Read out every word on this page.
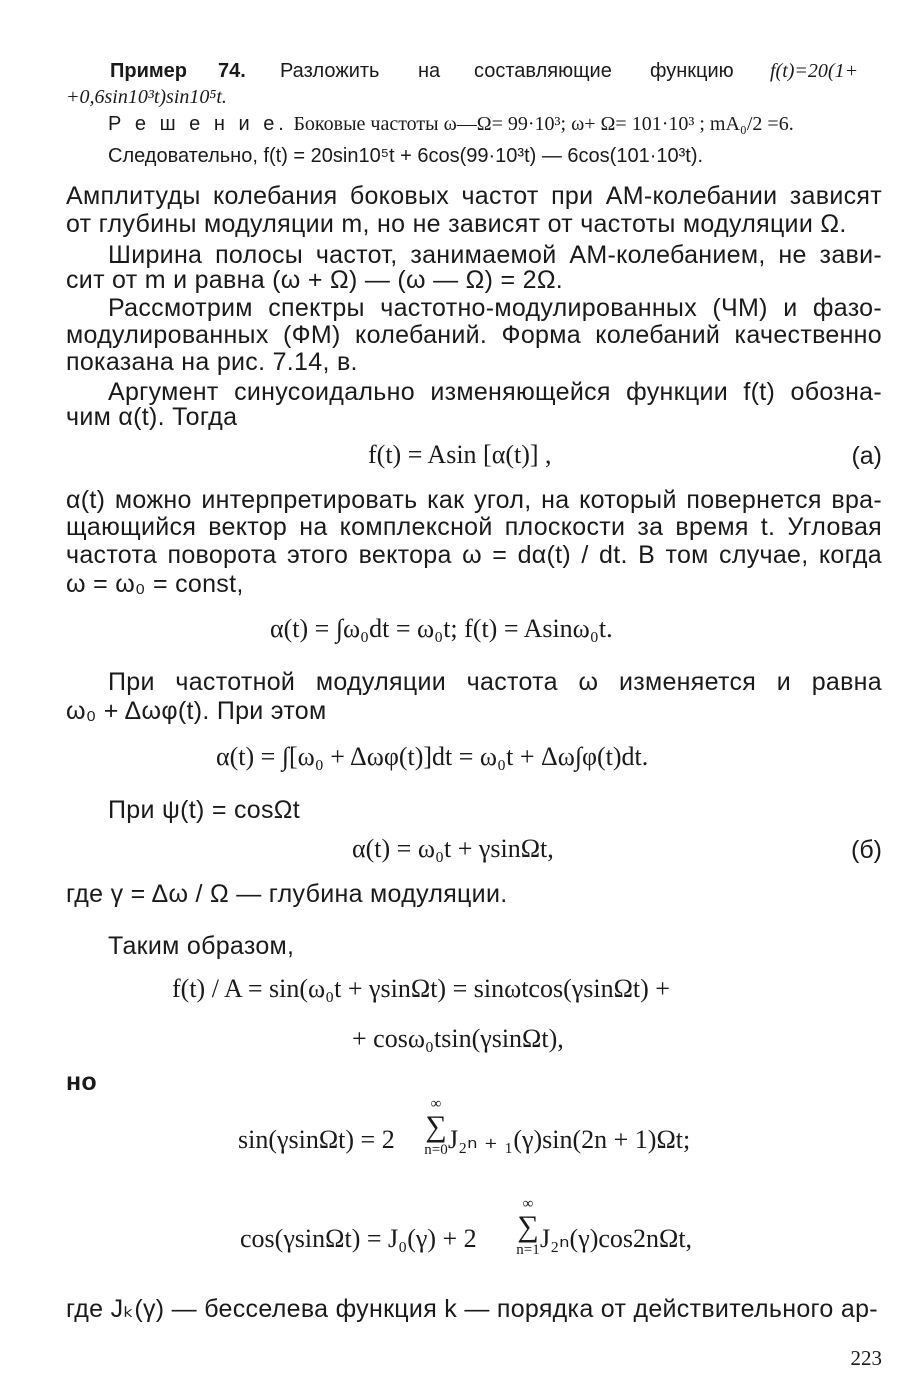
Пример 74. Разложить на составляющие функцию f(t)=20(1+
+0,6sin10³t)sin10⁵t.
Р е ш е н и е. Боковые частоты ω—Ω= 99·10³; ω+ Ω= 101·10³ ; mA₀/2 =6.
Следовательно, f(t) = 20sin10⁵t + 6cos(99·10³t) — 6cos(101·10³t).
Амплитуды колебания боковых частот при АМ-колебании зависят
от глубины модуляции m, но не зависят от частоты модуляции Ω.
Ширина полосы частот, занимаемой АМ-колебанием, не зави-
сит от m и равна (ω + Ω) — (ω — Ω) = 2Ω.
Рассмотрим спектры частотно-модулированных (ЧМ) и фазо-
модулированных (ФМ) колебаний. Форма колебаний качественно
показана на рис. 7.14, в.
Аргумент синусоидально изменяющейся функции f(t) обозна-
чим α(t). Тогда
f(t) = Asin [α(t)] ,	(а)
α(t) можно интерпретировать как угол, на который повернется вра-
щающийся вектор на комплексной плоскости за время t. Угловая
частота поворота этого вектора ω = dα(t) / dt. В том случае, когда
ω = ω₀ = const,
α(t) = ∫ω₀dt = ω₀t; f(t) = Asinω₀t.
При частотной модуляции частота ω изменяется и равна
ω₀ + Δωφ(t). При этом
α(t) = ∫[ω₀ + Δωφ(t)]dt = ω₀t + Δω∫φ(t)dt.
При ψ(t) = cosΩt
α(t) = ω₀t + γsinΩt,	(б)
где γ = Δω / Ω — глубина модуляции.
Таким образом,
f(t) / A = sin(ω₀t + γsinΩt) = sinωtcos(γsinΩt) +
+ cosω₀tsin(γsinΩt),
но
sin(γsinΩt) = 2
∞
∑
n=0 J₂ₙ ₊ ₁(γ)sin(2n + 1)Ωt;
cos(γsinΩt) = J₀(γ) + 2
∞
∑
n=1 J₂ₙ(γ)cos2nΩt,
где Jₖ(γ) — бесселева функция k — порядка от действительного ар-
223
